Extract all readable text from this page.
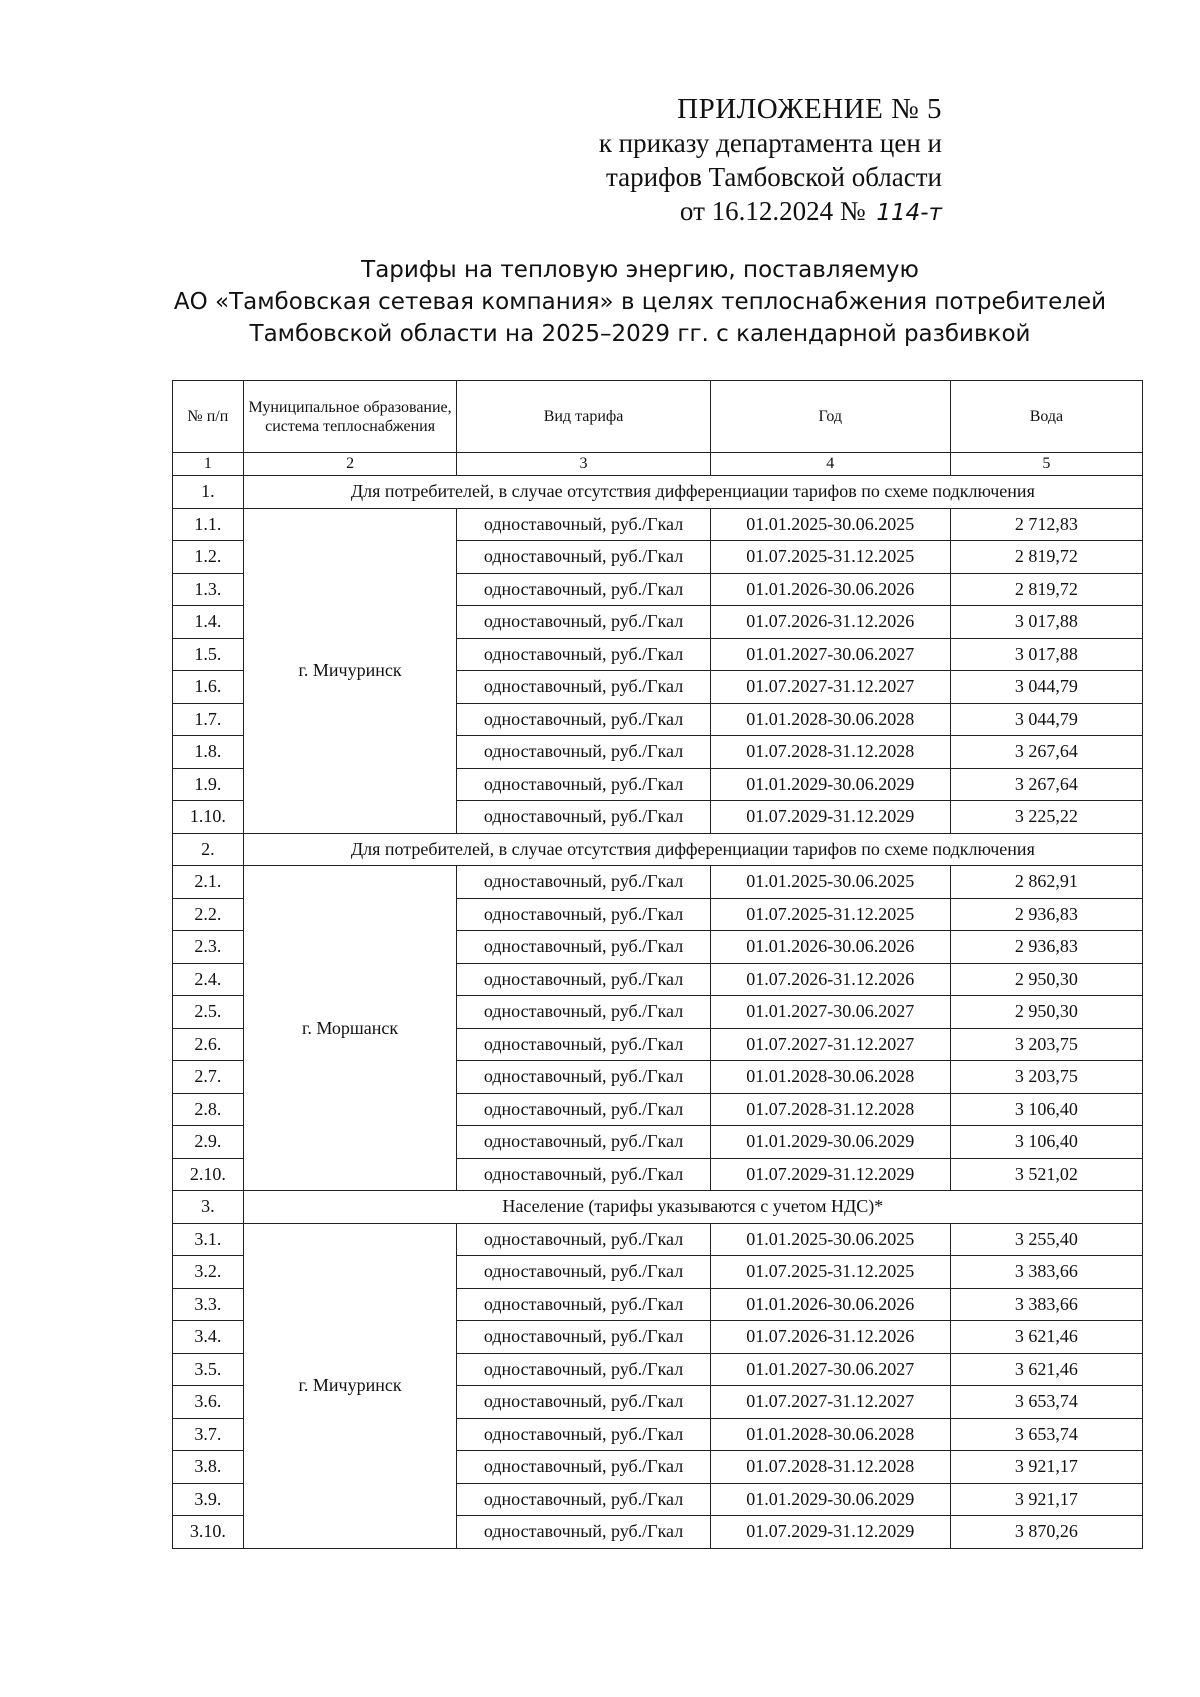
ПРИЛОЖЕНИЕ № 5
к приказу департамента цен и
тарифов Тамбовской области
от 16.12.2024 № 114-т
Тарифы на тепловую энергию, поставляемую
АО «Тамбовская сетевая компания» в целях теплоснабжения потребителей
Тамбовской области на 2025–2029 гг. с календарной разбивкой
№ п/п	Муниципальное образование, система теплоснабжения	Вид тарифа	Год	Вода
1	2	3	4	5
1.	Для потребителей, в случае отсутствия дифференциации тарифов по схеме подключения			
1.1.	г. Мичуринск	одноставочный, руб./Гкал	01.01.2025-30.06.2025	2 712,83
1.2.		одноставочный, руб./Гкал	01.07.2025-31.12.2025	2 819,72
1.3.		одноставочный, руб./Гкал	01.01.2026-30.06.2026	2 819,72
1.4.		одноставочный, руб./Гкал	01.07.2026-31.12.2026	3 017,88
1.5.		одноставочный, руб./Гкал	01.01.2027-30.06.2027	3 017,88
1.6.		одноставочный, руб./Гкал	01.07.2027-31.12.2027	3 044,79
1.7.		одноставочный, руб./Гкал	01.01.2028-30.06.2028	3 044,79
1.8.		одноставочный, руб./Гкал	01.07.2028-31.12.2028	3 267,64
1.9.		одноставочный, руб./Гкал	01.01.2029-30.06.2029	3 267,64
1.10.		одноставочный, руб./Гкал	01.07.2029-31.12.2029	3 225,22
2.	Для потребителей, в случае отсутствия дифференциации тарифов по схеме подключения			
2.1.	г. Моршанск	одноставочный, руб./Гкал	01.01.2025-30.06.2025	2 862,91
2.2.		одноставочный, руб./Гкал	01.07.2025-31.12.2025	2 936,83
2.3.		одноставочный, руб./Гкал	01.01.2026-30.06.2026	2 936,83
2.4.		одноставочный, руб./Гкал	01.07.2026-31.12.2026	2 950,30
2.5.		одноставочный, руб./Гкал	01.01.2027-30.06.2027	2 950,30
2.6.		одноставочный, руб./Гкал	01.07.2027-31.12.2027	3 203,75
2.7.		одноставочный, руб./Гкал	01.01.2028-30.06.2028	3 203,75
2.8.		одноставочный, руб./Гкал	01.07.2028-31.12.2028	3 106,40
2.9.		одноставочный, руб./Гкал	01.01.2029-30.06.2029	3 106,40
2.10.		одноставочный, руб./Гкал	01.07.2029-31.12.2029	3 521,02
3.	Население (тарифы указываются с учетом НДС)*			
3.1.	г. Мичуринск	одноставочный, руб./Гкал	01.01.2025-30.06.2025	3 255,40
3.2.		одноставочный, руб./Гкал	01.07.2025-31.12.2025	3 383,66
3.3.		одноставочный, руб./Гкал	01.01.2026-30.06.2026	3 383,66
3.4.		одноставочный, руб./Гкал	01.07.2026-31.12.2026	3 621,46
3.5.		одноставочный, руб./Гкал	01.01.2027-30.06.2027	3 621,46
3.6.		одноставочный, руб./Гкал	01.07.2027-31.12.2027	3 653,74
3.7.		одноставочный, руб./Гкал	01.01.2028-30.06.2028	3 653,74
3.8.		одноставочный, руб./Гкал	01.07.2028-31.12.2028	3 921,17
3.9.		одноставочный, руб./Гкал	01.01.2029-30.06.2029	3 921,17
3.10.		одноставочный, руб./Гкал	01.07.2029-31.12.2029	3 870,26
